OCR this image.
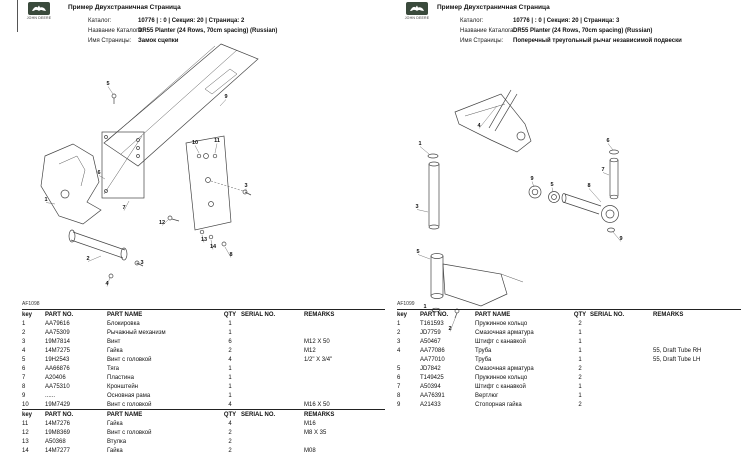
JOHN DEERE
Пример Двухстраничная Страница
Каталог:	10776 | : 0 | Секция: 20 | Страница: 2
Название Каталога:
DR55 Planter (24 Rows, 70cm spacing) (Russian)
Имя Страницы:	Замок сцепки
5
9
6
7
1
10	11
3
12
13
14
8
2
4
3
AF1098
key	PART NO.	PART NAME	QTY SERIAL NO.	REMARKS
1	AA79616	Блокировка	1
2	AA75309	Рычажный механизм	1
3	19M7814	Винт	6	M12 X 50
4	14M7275	Гайка	2	M12
5	19H2543	Винт с головкой	4	1/2" X 3/4"
6	AA66876	Тяга	1
7	A20406	Пластина	1
8	AA75310	Кронштейн	1
9	......	Основная рама	1
10	19M7429	Винт с головкой	4	M16 X 50
key	PART NO.	PART NAME	QTY SERIAL NO.	REMARKS
11	14M7276	Гайка	4	M16
12	19M8369	Винт с головкой	2	M8 X 35
13	A50368	Втулка	2
14	14M7277	Гайка	2	M08
JOHN DEERE
Пример Двухстраничная Страница
Каталог:	10776 | : 0 | Секция: 20 | Страница: 3
Название Каталога:
DR55 Planter (24 Rows, 70cm spacing) (Russian)
Имя Страницы:	Поперечный треугольный рычаг независимой подвески
1
4
9
5
6
7
8
9
3
5
1
2
AF1099
key	PART NO.	PART NAME	QTY SERIAL NO.	REMARKS
1	T161593	Пружинное кольцо	2
2	JD7759	Смазочная арматура	1
3	A50467	Штифт с канавкой	1
4	AA77086	Труба	1	55, Draft Tube RH
AA77010	Труба	1	55, Draft Tube LH
5	JD7842	Смазочная арматура	2
6	T149425	Пружинное кольцо	2
7	A50394	Штифт с канавкой	1
8	AA76391	Вертлюг	1
9	A21433	Стопорная гайка	2
